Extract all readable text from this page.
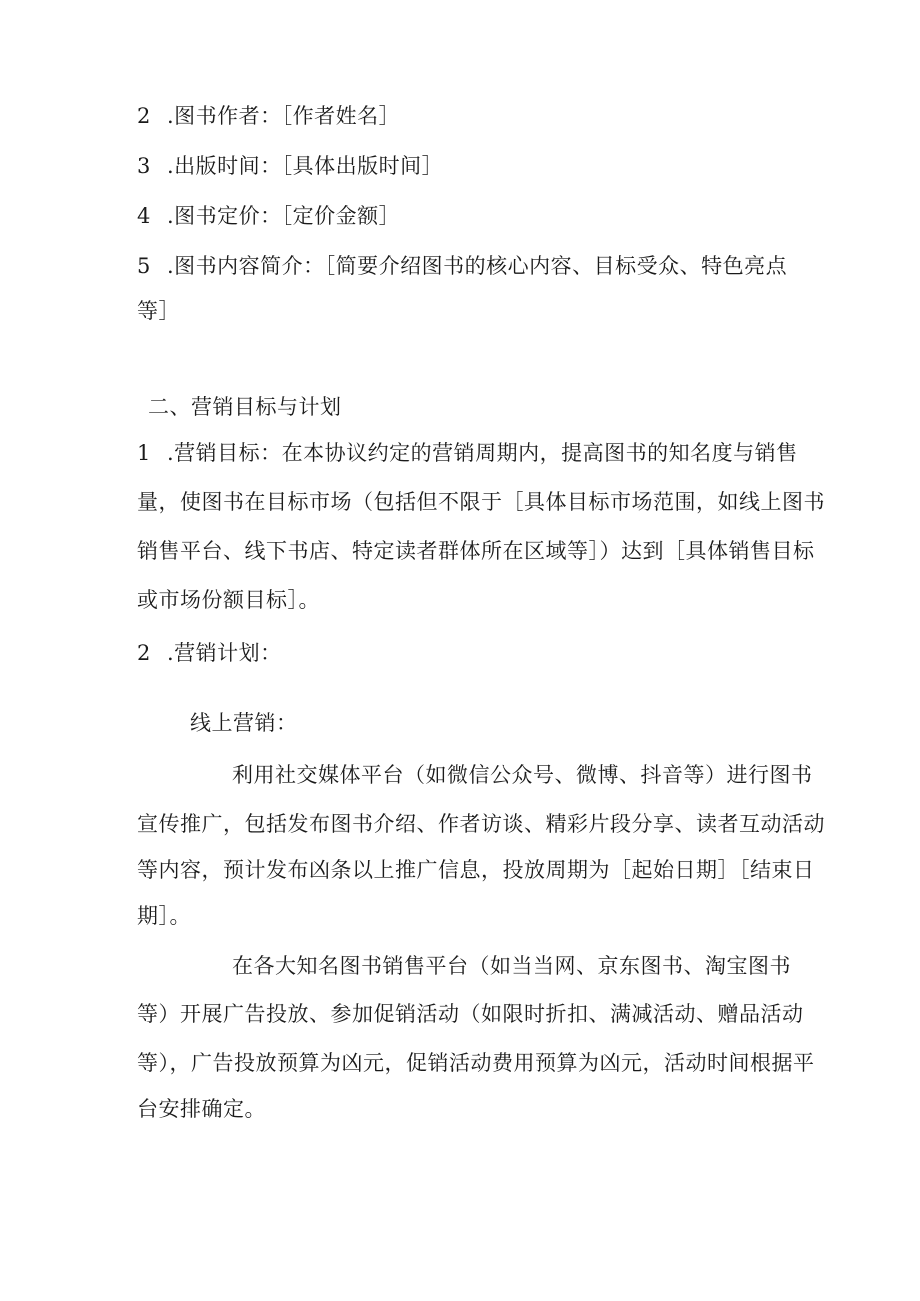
2 .图书作者：［作者姓名］
3 .出版时间：［具体出版时间］
4 .图书定价：［定价金额］
5 .图书内容简介：［简要介绍图书的核心内容、目标受众、特色亮点
等］
二、营销目标与计划
1 .营销目标：在本协议约定的营销周期内，提高图书的知名度与销售
量，使图书在目标市场（包括但不限于［具体目标市场范围，如线上图书
销售平台、线下书店、特定读者群体所在区域等］）达到［具体销售目标
或市场份额目标］。
2 .营销计划：
线上营销：
利用社交媒体平台（如微信公众号、微博、抖音等）进行图书
宣传推广，包括发布图书介绍、作者访谈、精彩片段分享、读者互动活动
等内容，预计发布凶条以上推广信息，投放周期为［起始日期］［结束日
期］。
在各大知名图书销售平台（如当当网、京东图书、淘宝图书
等）开展广告投放、参加促销活动（如限时折扣、满减活动、赠品活动
等），广告投放预算为凶元，促销活动费用预算为凶元，活动时间根据平
台安排确定。
